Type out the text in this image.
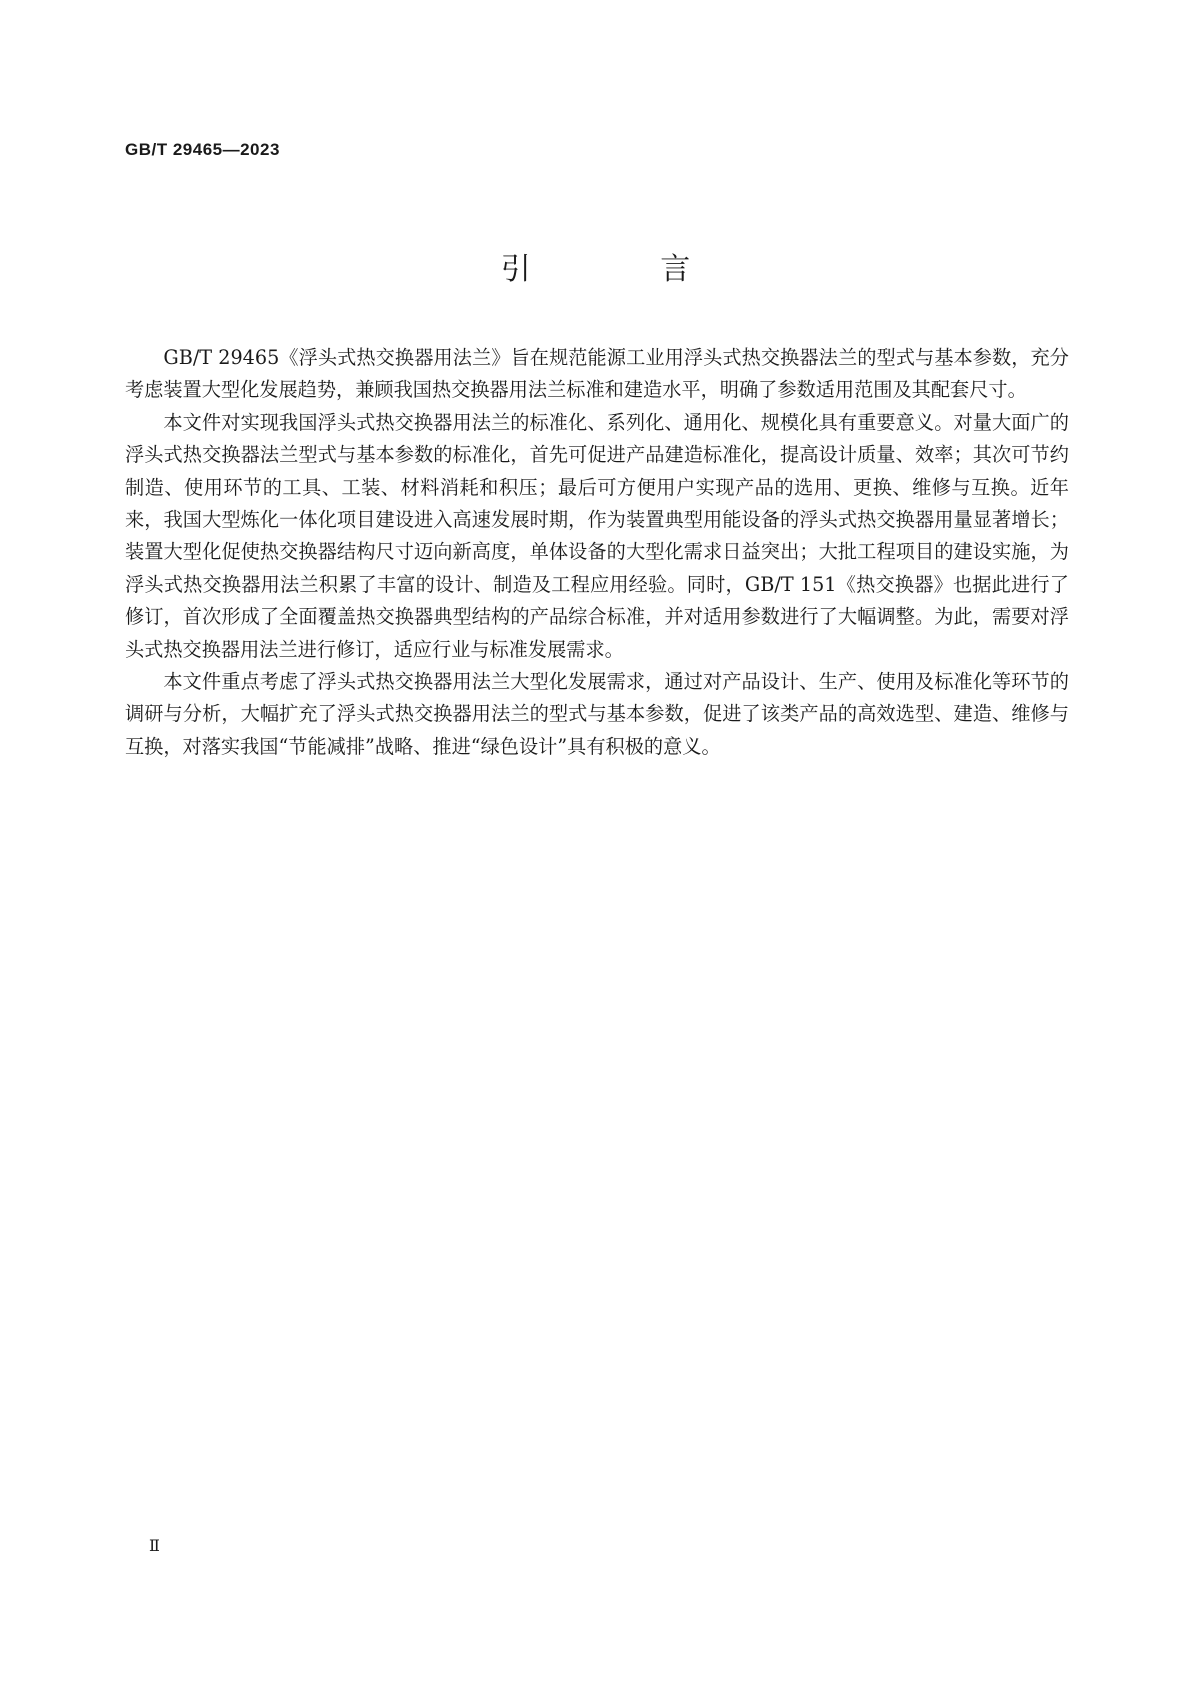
GB/T 29465—2023
引 言

GB/T 29465《浮头式热交换器用法兰》旨在规范能源工业用浮头式热交换器法兰的型式与基本参数，充分考虑装置大型化发展趋势，兼顾我国热交换器用法兰标准和建造水平，明确了参数适用范围及其配套尺寸。

本文件对实现我国浮头式热交换器用法兰的标准化、系列化、通用化、规模化具有重要意义。对量大面广的浮头式热交换器法兰型式与基本参数的标准化，首先可促进产品建造标准化，提高设计质量、效率；其次可节约制造、使用环节的工具、工装、材料消耗和积压；最后可方便用户实现产品的选用、更换、维修与互换。近年来，我国大型炼化一体化项目建设进入高速发展时期，作为装置典型用能设备的浮头式热交换器用量显著增长；装置大型化促使热交换器结构尺寸迈向新高度，单体设备的大型化需求日益突出；大批工程项目的建设实施，为浮头式热交换器用法兰积累了丰富的设计、制造及工程应用经验。同时，GB/T 151《热交换器》也据此进行了修订，首次形成了全面覆盖热交换器典型结构的产品综合标准，并对适用参数进行了大幅调整。为此，需要对浮头式热交换器用法兰进行修订，适应行业与标准发展需求。

本文件重点考虑了浮头式热交换器用法兰大型化发展需求，通过对产品设计、生产、使用及标准化等环节的调研与分析，大幅扩充了浮头式热交换器用法兰的型式与基本参数，促进了该类产品的高效选型、建造、维修与互换，对落实我国“节能减排”战略、推进“绿色设计”具有积极的意义。

Ⅱ
